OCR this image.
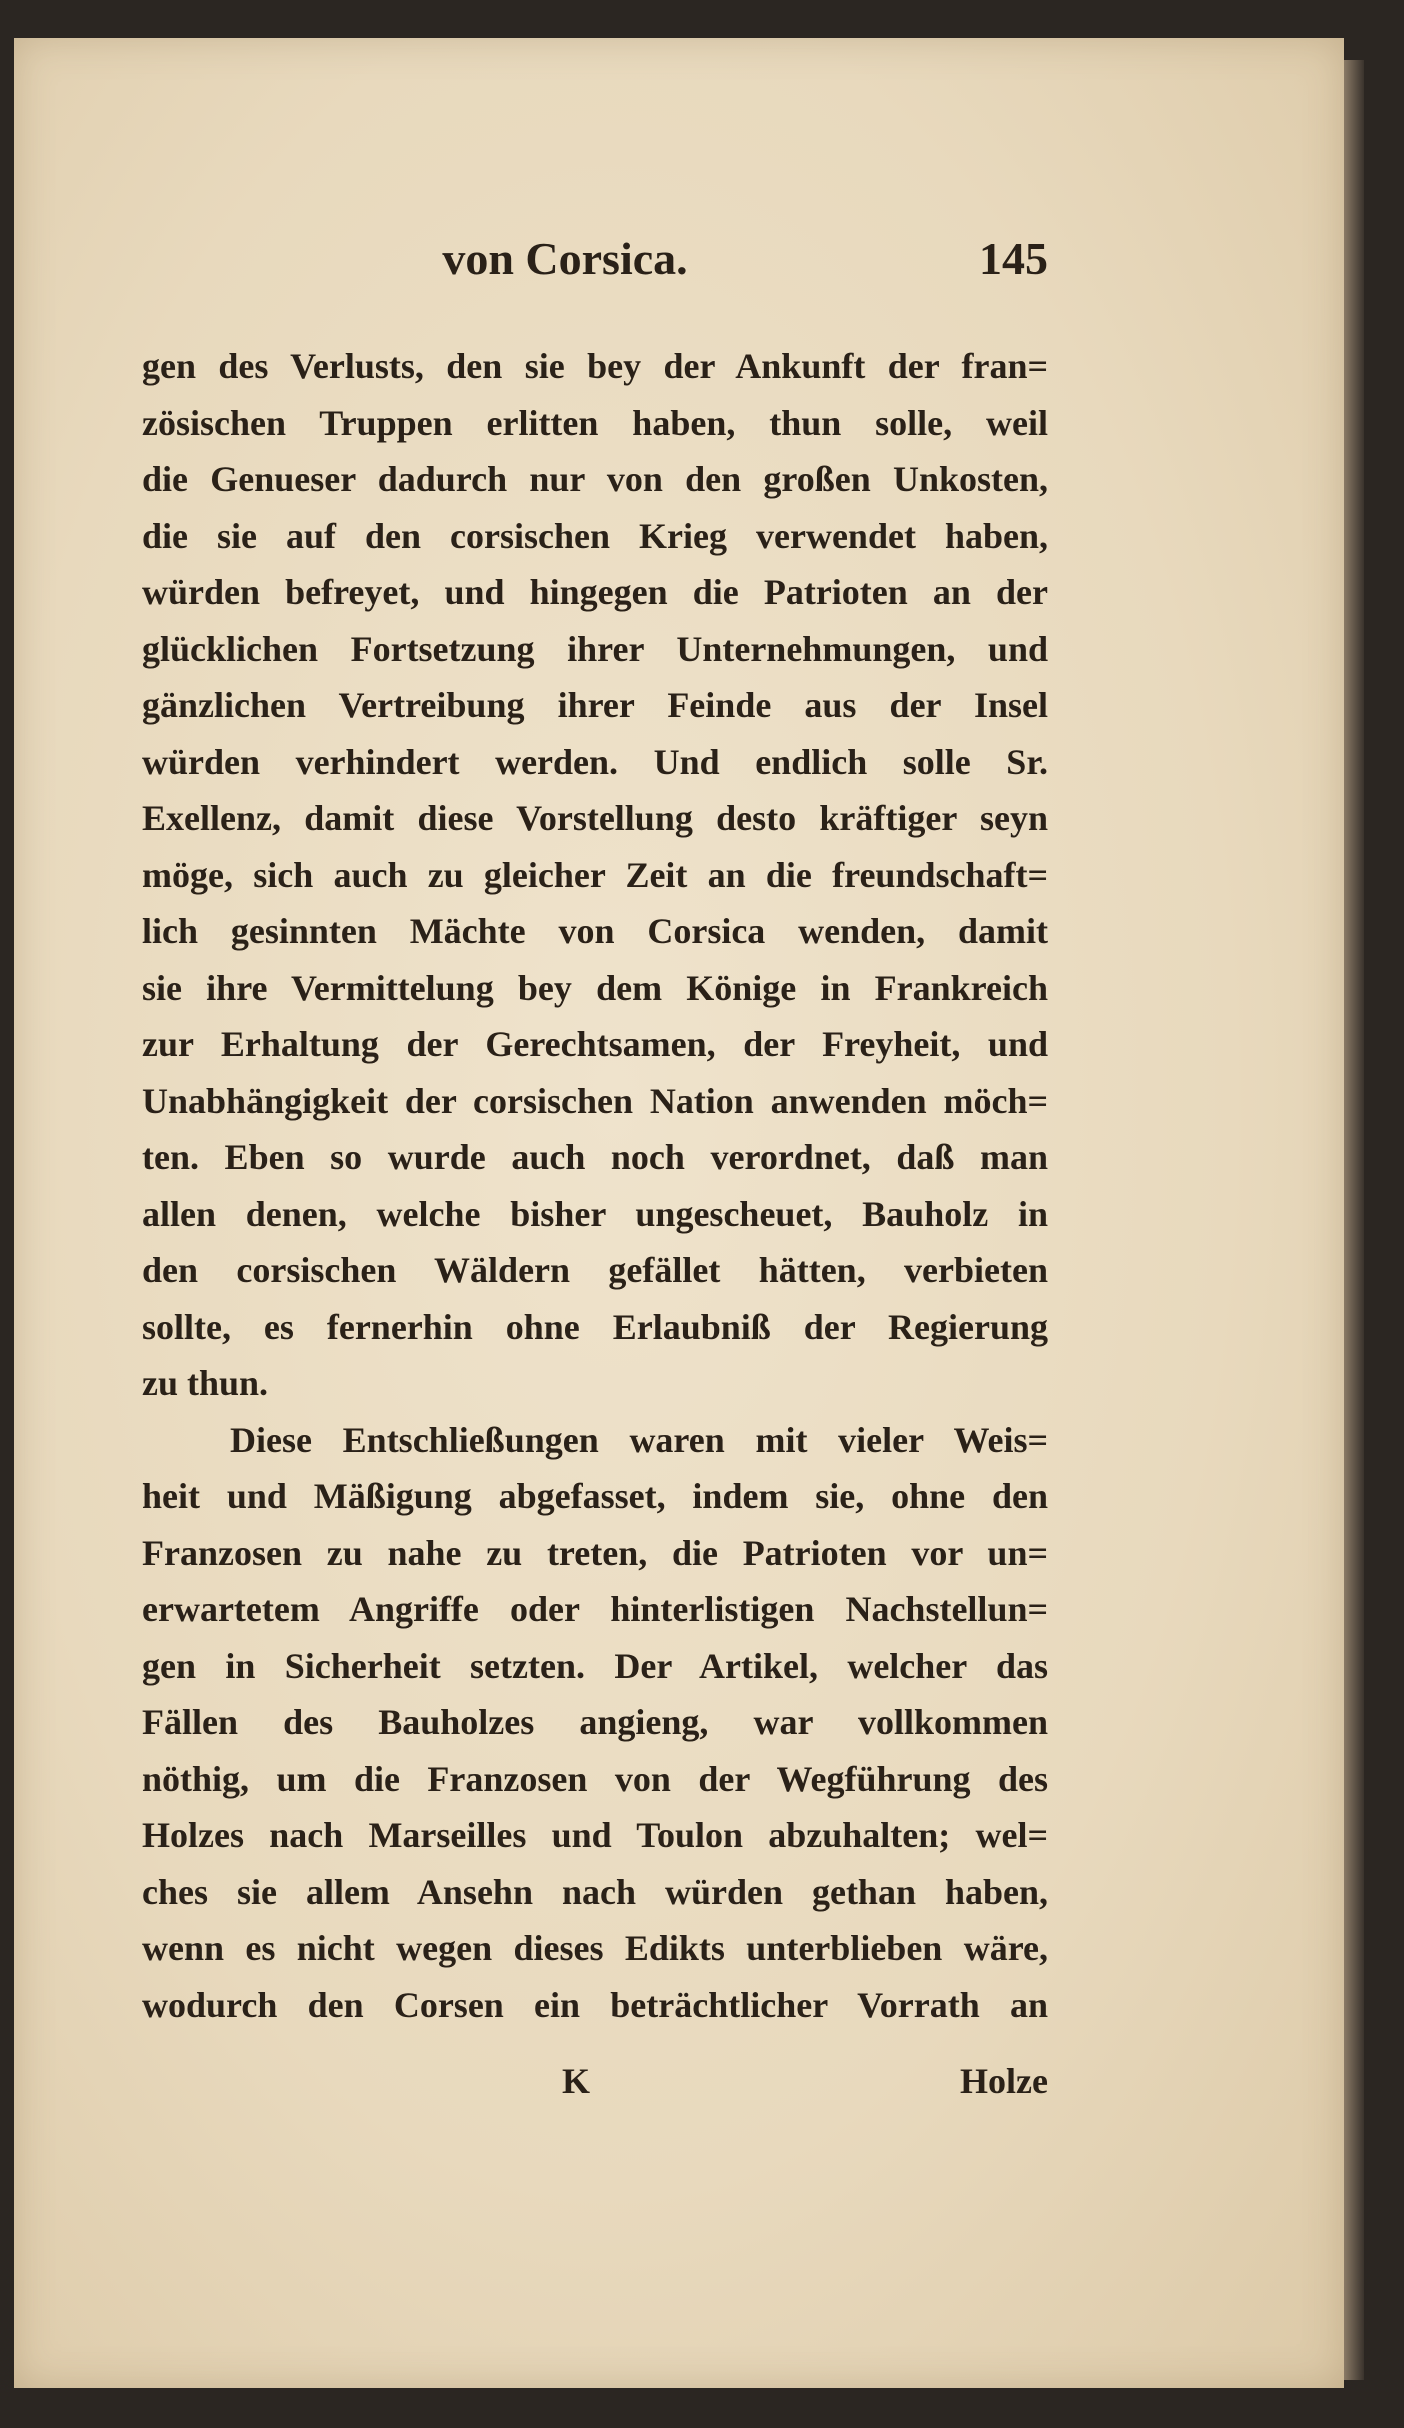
von Corsica.	145
gen des Verlusts, den sie bey der Ankunft der fran=
zösischen Truppen erlitten haben, thun solle, weil
die Genueser dadurch nur von den großen Unkosten,
die sie auf den corsischen Krieg verwendet haben,
würden befreyet, und hingegen die Patrioten an der
glücklichen Fortsetzung ihrer Unternehmungen, und
gänzlichen Vertreibung ihrer Feinde aus der Insel
würden verhindert werden. Und endlich solle Sr.
Exellenz, damit diese Vorstellung desto kräftiger seyn
möge, sich auch zu gleicher Zeit an die freundschaft=
lich gesinnten Mächte von Corsica wenden, damit
sie ihre Vermittelung bey dem Könige in Frankreich
zur Erhaltung der Gerechtsamen, der Freyheit, und
Unabhängigkeit der corsischen Nation anwenden möch=
ten. Eben so wurde auch noch verordnet, daß man
allen denen, welche bisher ungescheuet, Bauholz in
den corsischen Wäldern gefället hätten, verbieten
sollte, es fernerhin ohne Erlaubniß der Regierung
zu thun.
Diese Entschließungen waren mit vieler Weis=
heit und Mäßigung abgefasset, indem sie, ohne den
Franzosen zu nahe zu treten, die Patrioten vor un=
erwartetem Angriffe oder hinterlistigen Nachstellun=
gen in Sicherheit setzten. Der Artikel, welcher das
Fällen des Bauholzes angieng, war vollkommen
nöthig, um die Franzosen von der Wegführung des
Holzes nach Marseilles und Toulon abzuhalten; wel=
ches sie allem Ansehn nach würden gethan haben,
wenn es nicht wegen dieses Edikts unterblieben wäre,
wodurch den Corsen ein beträchtlicher Vorrath an
K	Holze
